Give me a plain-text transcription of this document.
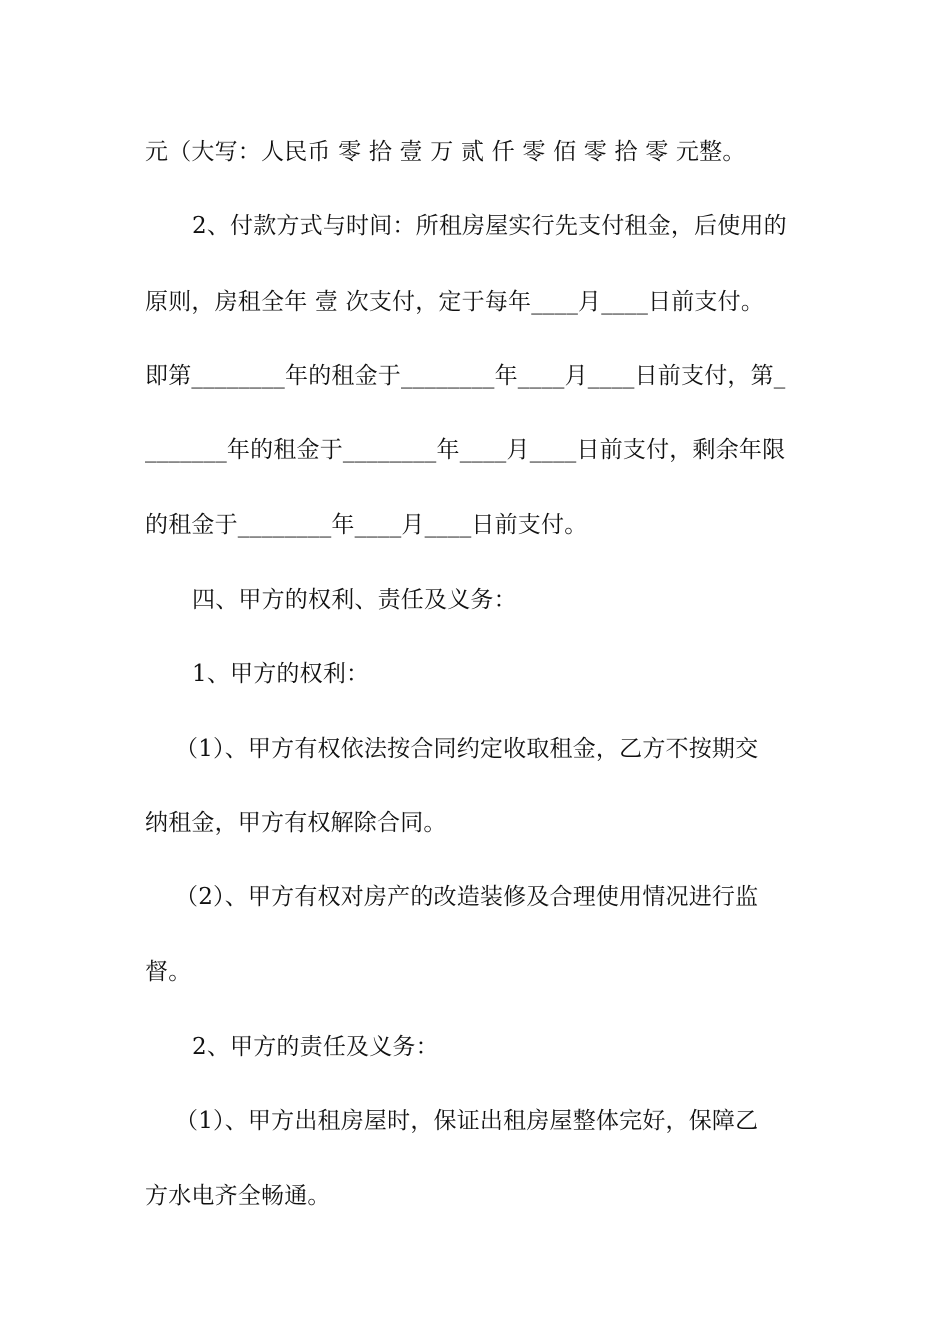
元（大写：人民币 零 拾 壹 万 贰 仟 零 佰 零 拾 零 元整。
2、付款方式与时间：所租房屋实行先支付租金，后使用的
原则，房租全年 壹 次支付，定于每年____月____日前支付。
即第________年的租金于________年____月____日前支付，第_
_______年的租金于________年____月____日前支付，剩余年限
的租金于________年____月____日前支付。
四、甲方的权利、责任及义务：
1、甲方的权利：
（1）、甲方有权依法按合同约定收取租金，乙方不按期交
纳租金，甲方有权解除合同。
（2）、甲方有权对房产的改造装修及合理使用情况进行监
督。
2、甲方的责任及义务：
（1）、甲方出租房屋时，保证出租房屋整体完好，保障乙
方水电齐全畅通。
